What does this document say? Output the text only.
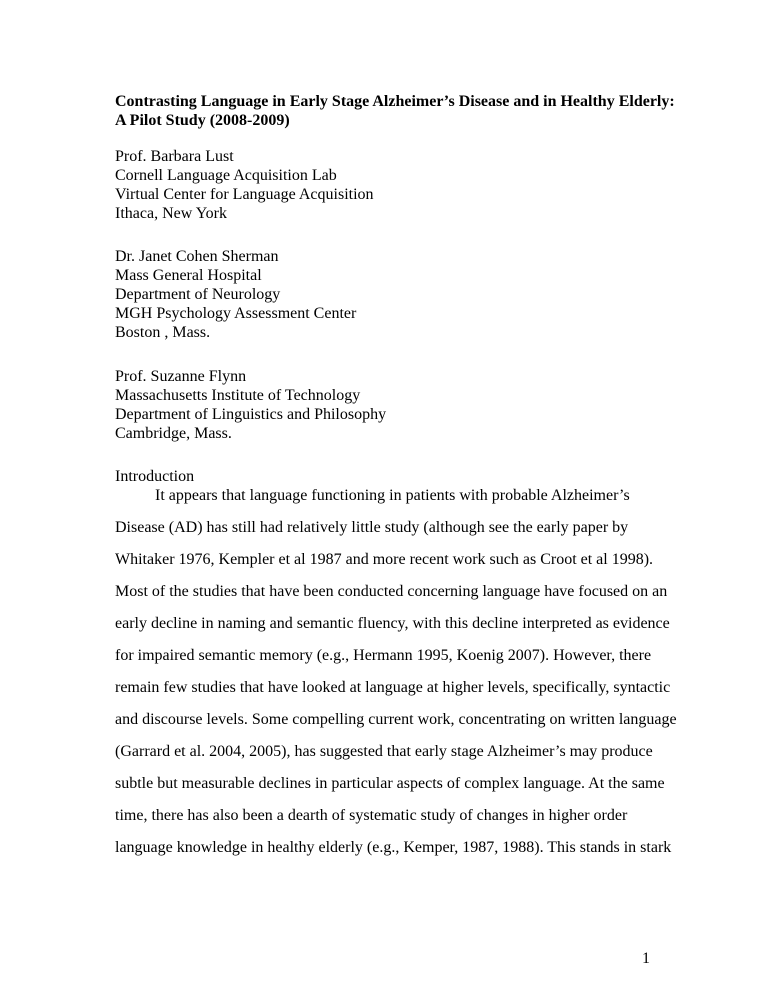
Contrasting Language in Early Stage Alzheimer’s Disease and in Healthy Elderly:
A Pilot Study (2008-2009)
Prof. Barbara Lust
Cornell Language Acquisition Lab
Virtual Center for Language Acquisition
Ithaca, New York
Dr. Janet Cohen Sherman
Mass General Hospital
Department of Neurology
MGH Psychology Assessment Center
Boston , Mass.
Prof. Suzanne Flynn
Massachusetts Institute of Technology
Department of Linguistics and Philosophy
Cambridge, Mass.
Introduction
It appears that language functioning in patients with probable Alzheimer’s
Disease (AD) has still had relatively little study (although see the early paper by
Whitaker 1976, Kempler et al 1987 and more recent work such as Croot et al 1998).
Most of the studies that have been conducted concerning language have focused on an
early decline in naming and semantic fluency, with this decline interpreted as evidence
for impaired semantic memory (e.g., Hermann 1995, Koenig 2007). However, there
remain few studies that have looked at language at higher levels, specifically, syntactic
and discourse levels. Some compelling current work, concentrating on written language
(Garrard et al. 2004, 2005), has suggested that early stage Alzheimer’s may produce
subtle but measurable declines in particular aspects of complex language. At the same
time, there has also been a dearth of systematic study of changes in higher order
language knowledge in healthy elderly (e.g., Kemper, 1987, 1988). This stands in stark
1
